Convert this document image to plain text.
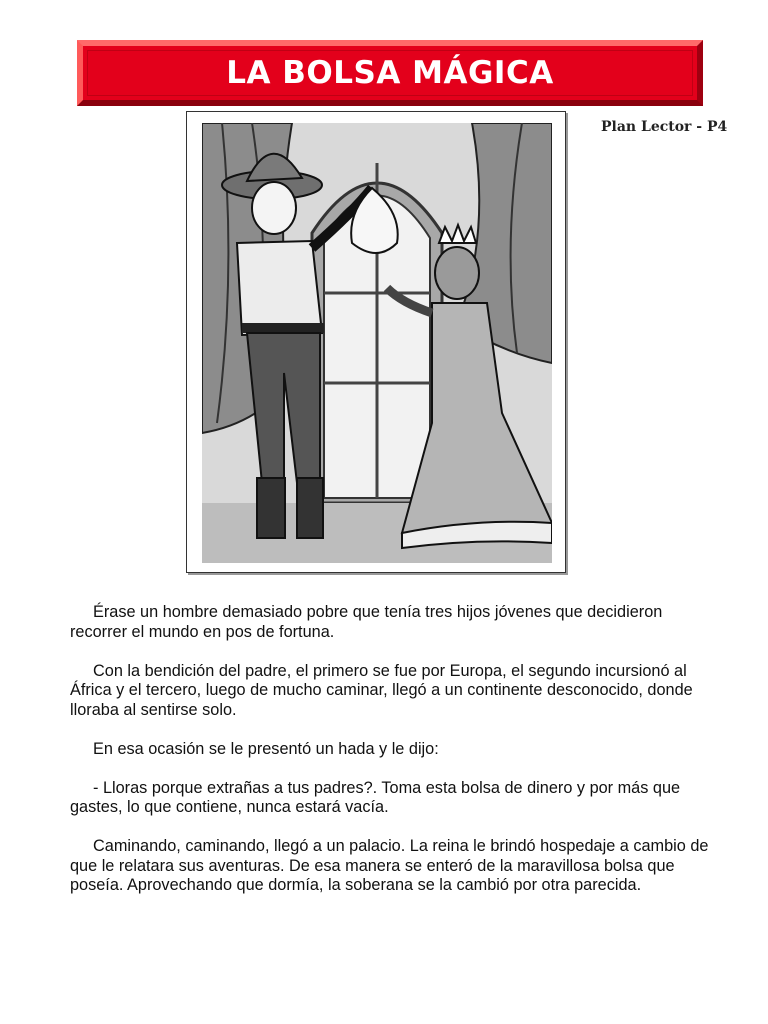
LA BOLSA MÁGICA
Plan Lector - P4

Érase un hombre demasiado pobre que tenía tres hijos jóvenes que decidieron recorrer el mundo en pos de fortuna.

Con la bendición del padre, el primero se fue por Europa, el segundo incursionó al África y el tercero, luego de mucho caminar, llegó a un continente desconocido, donde lloraba al sentirse solo.

En esa ocasión se le presentó un hada y le dijo:

- Lloras porque extrañas a tus padres?. Toma esta bolsa de dinero y por más que gastes, lo que contiene, nunca estará vacía.

Caminando, caminando, llegó a un palacio. La reina le brindó hospedaje a cambio de que le relatara sus aventuras. De esa manera se enteró de la maravillosa bolsa que poseía. Aprovechando que dormía, la soberana se la cambió por otra parecida.
